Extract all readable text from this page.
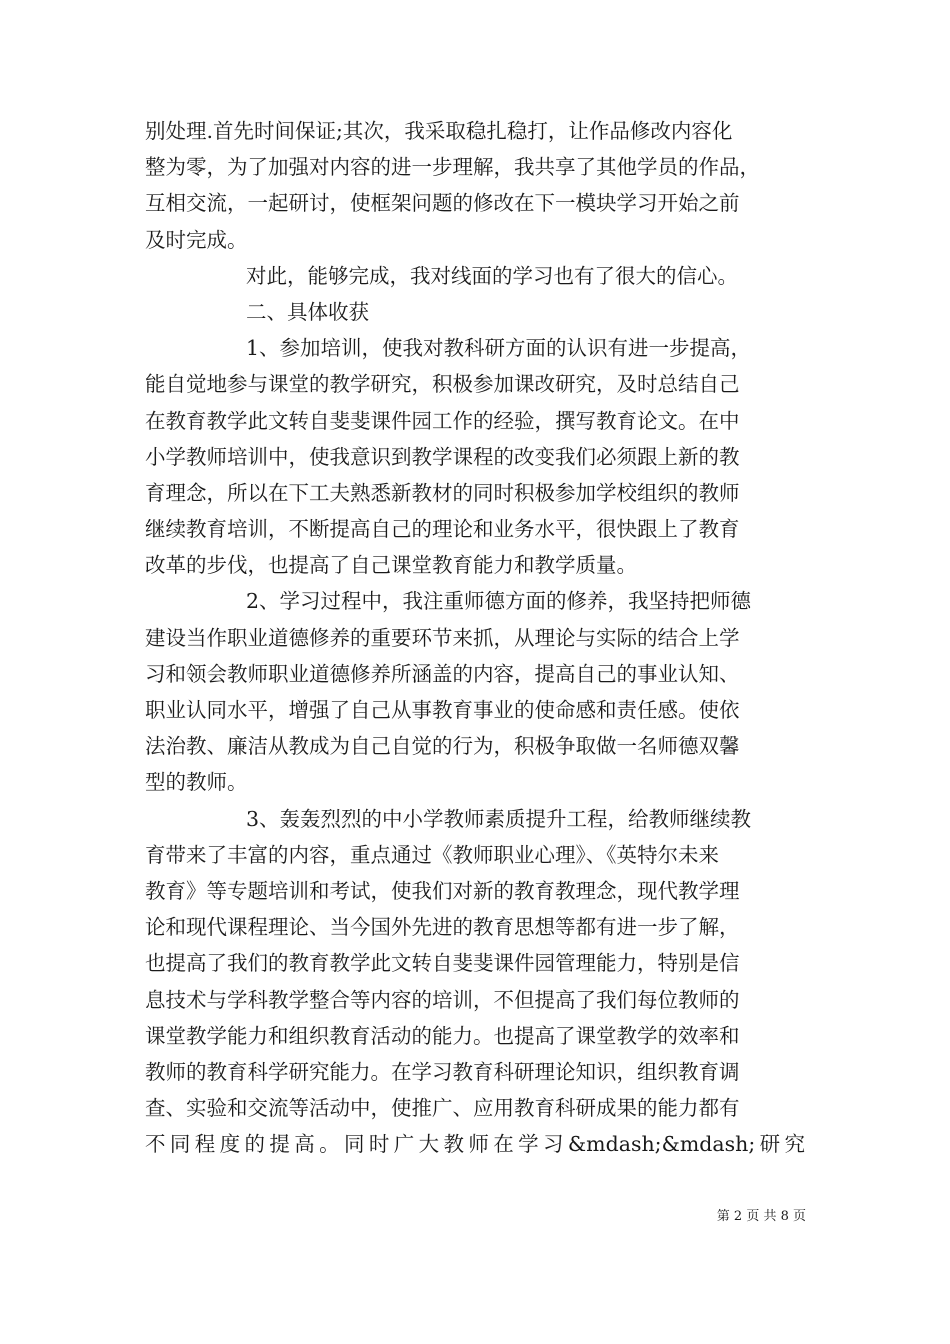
别处理.首先时间保证;其次，我采取稳扎稳打，让作品修改内容化
整为零，为了加强对内容的进一步理解，我共享了其他学员的作品，
互相交流，一起研讨，使框架问题的修改在下一模块学习开始之前
及时完成。
对此，能够完成，我对线面的学习也有了很大的信心。
二、具体收获
1、参加培训，使我对教科研方面的认识有进一步提高，
能自觉地参与课堂的教学研究，积极参加课改研究，及时总结自己
在教育教学此文转自斐斐课件园工作的经验，撰写教育论文。在中
小学教师培训中，使我意识到教学课程的改变我们必须跟上新的教
育理念，所以在下工夫熟悉新教材的同时积极参加学校组织的教师
继续教育培训，不断提高自己的理论和业务水平，很快跟上了教育
改革的步伐，也提高了自己课堂教育能力和教学质量。
2、学习过程中，我注重师德方面的修养，我坚持把师德
建设当作职业道德修养的重要环节来抓，从理论与实际的结合上学
习和领会教师职业道德修养所涵盖的内容，提高自己的事业认知、
职业认同水平，增强了自己从事教育事业的使命感和责任感。使依
法治教、廉洁从教成为自己自觉的行为，积极争取做一名师德双馨
型的教师。
3、轰轰烈烈的中小学教师素质提升工程，给教师继续教
育带来了丰富的内容，重点通过《教师职业心理》、《英特尔未来
教育》等专题培训和考试，使我们对新的教育教理念，现代教学理
论和现代课程理论、当今国外先进的教育思想等都有进一步了解，
也提高了我们的教育教学此文转自斐斐课件园管理能力，特别是信
息技术与学科教学整合等内容的培训，不但提高了我们每位教师的
课堂教学能力和组织教育活动的能力。也提高了课堂教学的效率和
教师的教育科学研究能力。在学习教育科研理论知识，组织教育调
查、实验和交流等活动中，使推广、应用教育科研成果的能力都有
不同程度的提高。同时广大教师在学习&mdash;&mdash;研究
第 2 页 共 8 页
